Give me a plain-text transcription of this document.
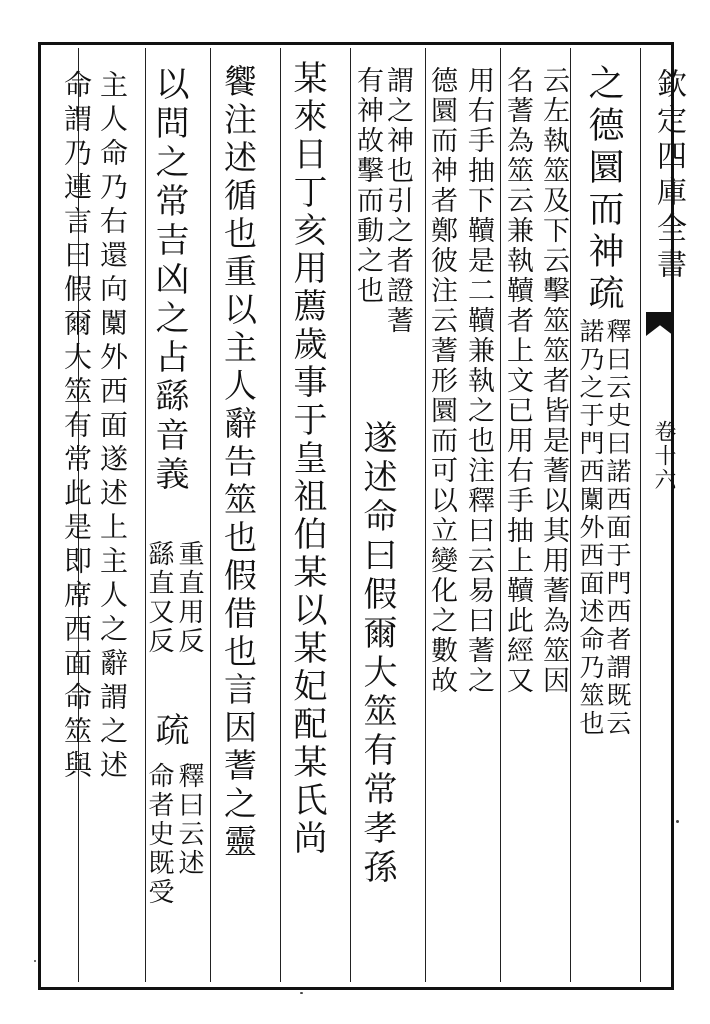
欽定四庫全書
卷十六
之德圜而神疏
釋曰云史曰諾西面于門西者謂既云
諾乃之于門西闑外西面述命乃筮也
云左執筮及下云擊筮筮者皆是蓍以其用蓍為筮因
名蓍為筮云兼執韇者上文已用右手抽上韇此經又
用右手抽下韇是二韇兼執之也注釋曰云易曰蓍之
德圜而神者鄭彼注云蓍形圜而可以立變化之數故
謂之神也引之者證蓍
有神故擊而動之也
遂述命曰假爾大筮有常孝孫
某來日丁亥用薦歲事于皇祖伯某以某妃配某氏尚
饗注述循也重以主人辭告筮也假借也言因蓍之靈
以問之常吉凶之占繇音義
重直用反
繇直又反
疏
釋曰云述
命者史既受
主人命乃右還向闑外西面遂述上主人之辭謂之述
命謂乃連言曰假爾大筮有常此是即席西面命筮與
